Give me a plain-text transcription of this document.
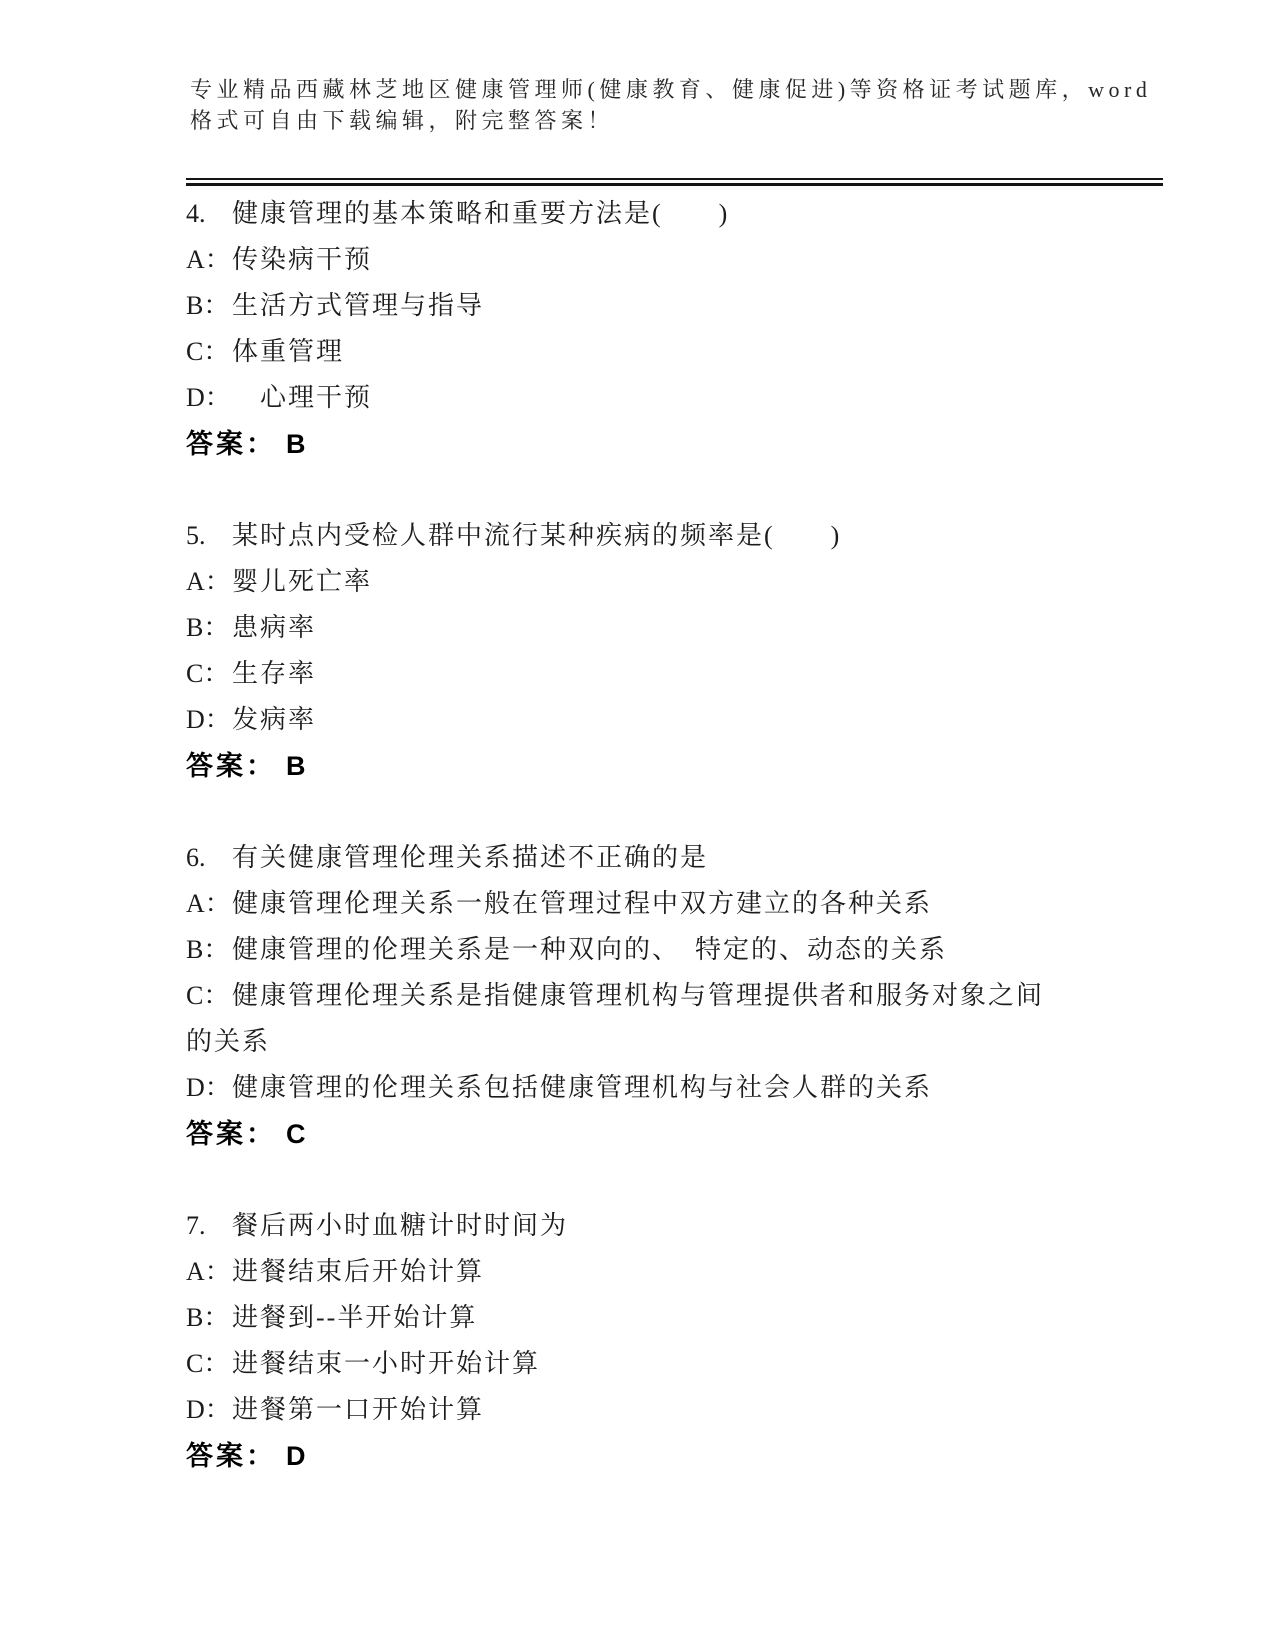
专业精品西藏林芝地区健康管理师(健康教育、健康促进)等资格证考试题库，word
格式可自由下载编辑，附完整答案！
4. 健康管理的基本策略和重要方法是(　　)
A：传染病干预
B： 生活方式管理与指导
C： 体重管理
D：　心理干预
答案： B
5. 某时点内受检人群中流行某种疾病的频率是(　　)
A：婴儿死亡率
B： 患病率
C： 生存率
D：发病率
答案： B
6. 有关健康管理伦理关系描述不正确的是
A：健康管理伦理关系一般在管理过程中双方建立的各种关系
B： 健康管理的伦理关系是一种双向的、　特定的、动态的关系
C： 健康管理伦理关系是指健康管理机构与管理提供者和服务对象之间
的关系
D：健康管理的伦理关系包括健康管理机构与社会人群的关系
答案： C
7. 餐后两小时血糖计时时间为
A：进餐结束后开始计算
B： 进餐到--半开始计算
C： 进餐结束一小时开始计算
D：进餐第一口开始计算
答案： D
